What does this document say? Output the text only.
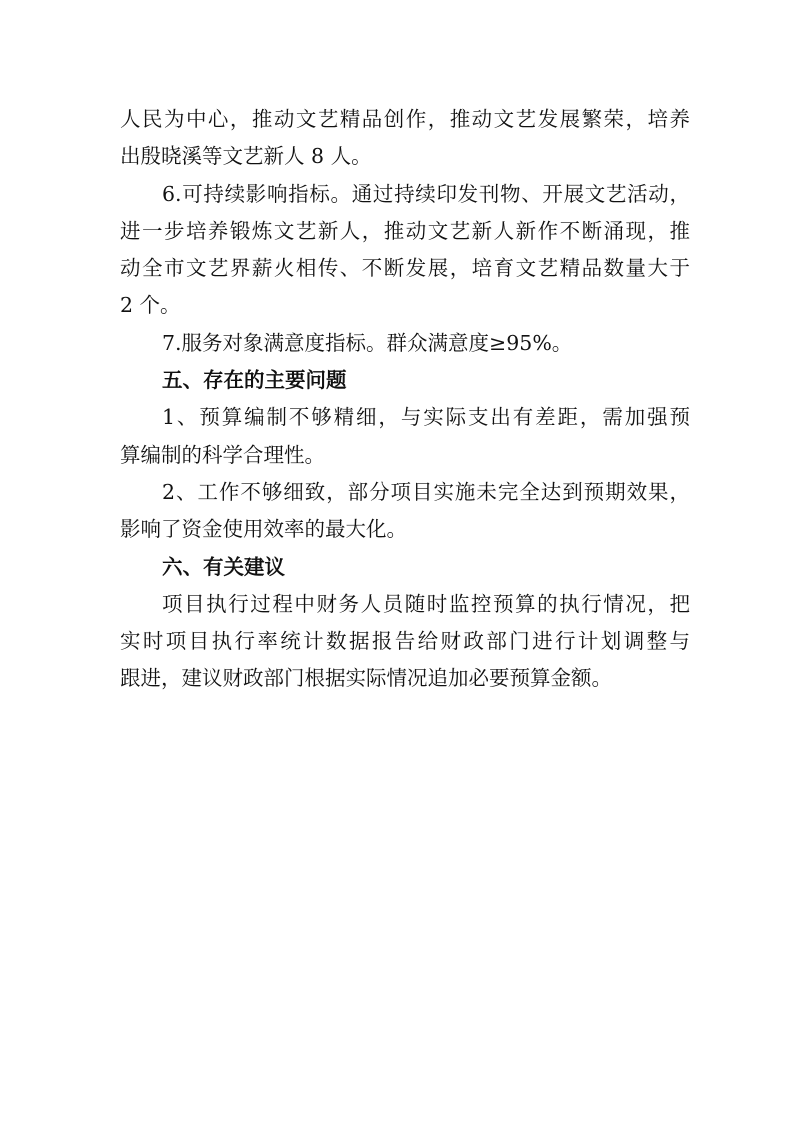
人民为中心，推动文艺精品创作，推动文艺发展繁荣，培养
出殷晓溪等文艺新人 8 人。
6.可持续影响指标。通过持续印发刊物、开展文艺活动，
进一步培养锻炼文艺新人，推动文艺新人新作不断涌现，推
动全市文艺界薪火相传、不断发展，培育文艺精品数量大于
2 个。
7.服务对象满意度指标。群众满意度≥95%。
五、存在的主要问题
1、预算编制不够精细，与实际支出有差距，需加强预
算编制的科学合理性。
2、工作不够细致，部分项目实施未完全达到预期效果，
影响了资金使用效率的最大化。
六、有关建议
项目执行过程中财务人员随时监控预算的执行情况，把
实时项目执行率统计数据报告给财政部门进行计划调整与
跟进，建议财政部门根据实际情况追加必要预算金额。
